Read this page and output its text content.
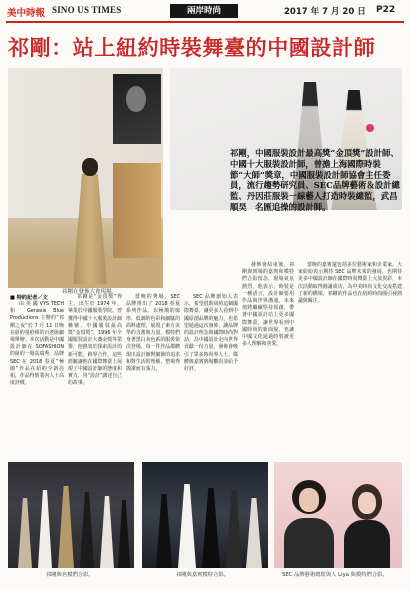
美中時報 SINO US TIMES	兩岸時尚	2017 年 7 月 20 日 P22
祁剛：站上紐約時裝舞臺的中國設計師
祁剛在發佈大會現場。
祁剛，中國服裝設計最高獎“金頂獎”設計師、中國十大服裝設計師，曾擔上海國際時裝節“大師”獎章，中國服裝設計師協會主任委員，流行趨勢研究員、SEC品牌藝術＆設計總監、丹因莊服裝一線藝人打造時裝總監，武昌順昊　名匯追操的設計師。
■ 特約記者／文

由 美 國 VYS TECH 和 Genesis Blue Productions 主辦的“祁剛之夜”於 7 月 11 日晚在紐約曼哈頓的百老匯劇場舉辦。本次活動是中國設計師在 SOFASHION 的紐約一場高端秀，品牌 SEC 在 2018 春夏“極簡”作品在紐約全新亮相，作品得到業內人士高度評價。

祁剛是“金頂獎”得主，出生於 1974 年，畢業於中國服裝學院，曾獲得中國十大服裝設計師稱號，中國服裝最高獎“金頂獎”、1996 年全國服裝設計大賽金獎等榮譽，他熱衷於探索設計的新可能，跨界合作，這些經驗讓他在國際舞臺上展現了中國設計師的態度和實力，用“設計”講述自己的故事。

當晚的秀場，SEC 品牌推出了 2018 春夏系列作品，以極簡的廓形、低調的色彩和細膩的面料處理，展現了東方美學的含蓄與力量，模特們身著黑白灰色系的服裝依次登場，每一件作品都體現出設計師對細節的追求和對生活的理解，整場秀簡潔而有張力。

SEC 品牌創始人表示，希望借助紐約這個國際舞臺，讓更多人看到中國原創品牌的魅力，也希望通過這次發佈，讓品牌的設計理念與國際時尚對話，為中國設計走向世界貢獻一份力量，發佈會吸引了眾多時尚界人士、媒體與嘉賓到場觀看並給予好評。

發佈會結束後，祁剛與到場的嘉賓和模特們合影留念，現場氣氛熱烈。他表示，時裝是一種語言，設計師要用作品與世界溝通。未來他將繼續堅持原創，帶著中國設計站上更多國際舞臺，讓世界看到中國時尚的新面貌，也讓中國文化通過時裝被更多人理解和喜愛。

當晚的嘉賓還包括多位藝術家和企業家，大家紛紛表示期待 SEC 品牌未來的發展，也期待更多中國設計師在國際時尚舞臺上大放異彩，本次活動取得圓滿成功，為中美時尚文化交流搭建了新的橋梁，祁剛的作品也在紐約時尚圈引發熱議與關注。

祁剛與名模們合影。	祁剛與嘉賓模特合影。	SEC 品牌藝術總監與人 Liya 與模特們合影。
